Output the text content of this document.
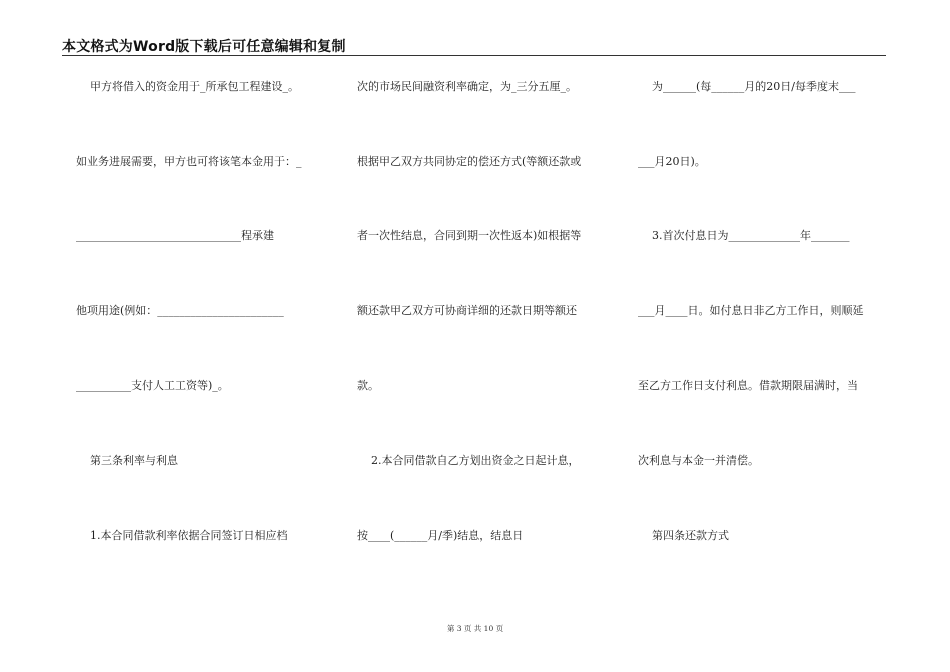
本文格式为Word版下载后可任意编辑和复制
甲方将借入的资金用于_所承包工程建设_。
如业务进展需要，甲方也可将该笔本金用于：_
______________________________程承建
他项用途(例如：_______________________
__________支付人工工资等)_。
第三条利率与利息
1.本合同借款利率依据合同签订日相应档
次的市场民间融资利率确定，为_三分五厘_。
根据甲乙双方共同协定的偿还方式(等额还款或
者一次性结息，合同到期一次性返本)如根据等
额还款甲乙双方可协商详细的还款日期等额还
款。
2.本合同借款自乙方划出资金之日起计息，
按____(______月/季)结息，结息日
为______(每______月的20日/每季度末___
___月20日)。
3.首次付息日为_____________年_______
___月____日。如付息日非乙方工作日，则顺延
至乙方工作日支付利息。借款期限届满时，当
次利息与本金一并清偿。
第四条还款方式
第 3 页 共 10 页
